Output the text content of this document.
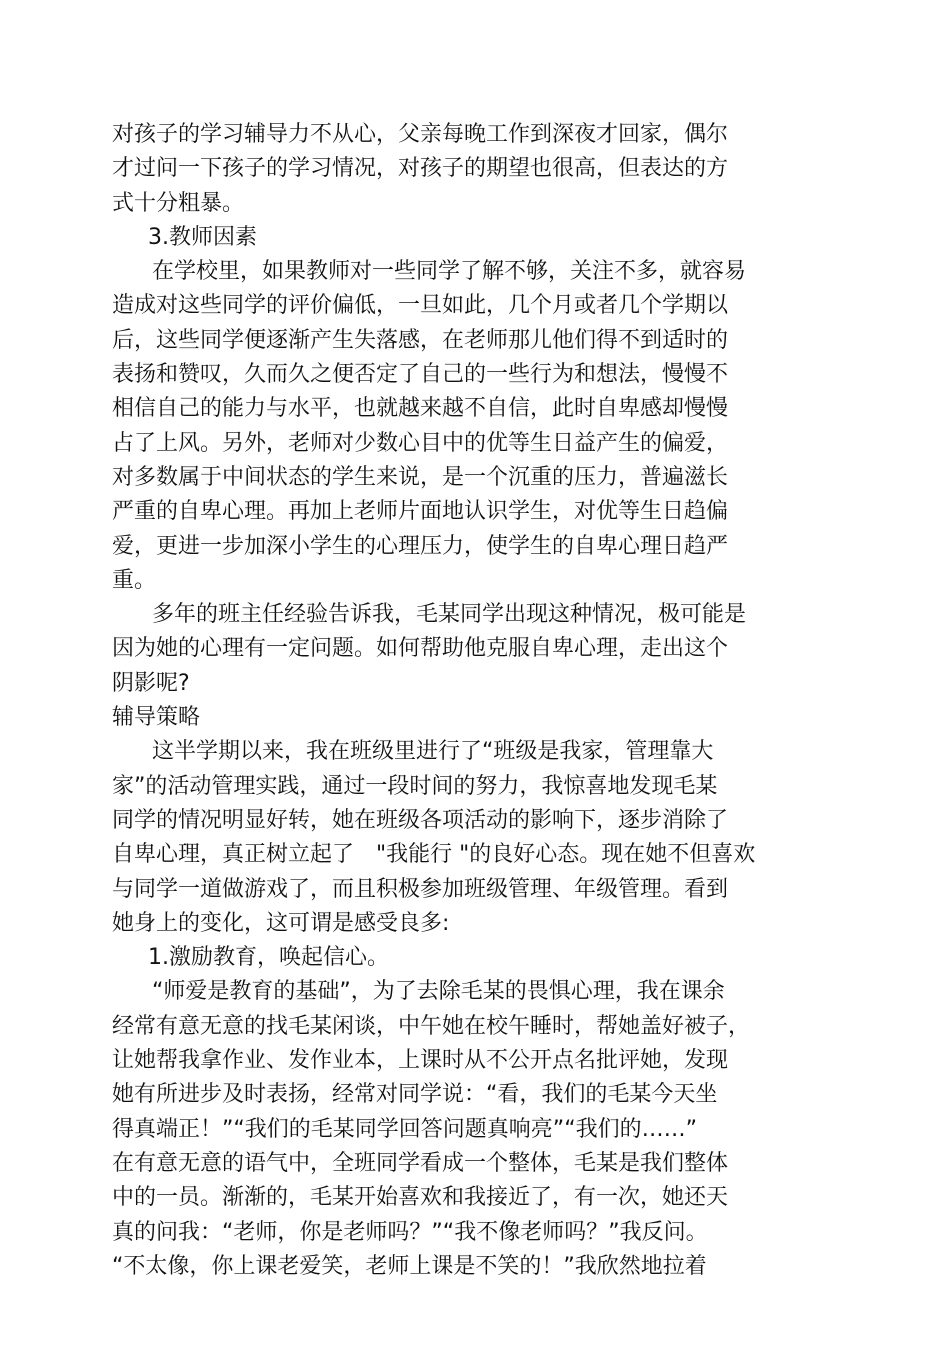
对孩子的学习辅导力不从心，父亲每晚工作到深夜才回家，偶尔
才过问一下孩子的学习情况，对孩子的期望也很高，但表达的方
式十分粗暴。
3.教师因素
在学校里，如果教师对一些同学了解不够，关注不多，就容易
造成对这些同学的评价偏低，一旦如此，几个月或者几个学期以
后，这些同学便逐渐产生失落感，在老师那儿他们得不到适时的
表扬和赞叹，久而久之便否定了自己的一些行为和想法，慢慢不
相信自己的能力与水平，也就越来越不自信，此时自卑感却慢慢
占了上风。另外，老师对少数心目中的优等生日益产生的偏爱，
对多数属于中间状态的学生来说，是一个沉重的压力，普遍滋长
严重的自卑心理。再加上老师片面地认识学生，对优等生日趋偏
爱，更进一步加深小学生的心理压力，使学生的自卑心理日趋严
重。
多年的班主任经验告诉我，毛某同学出现这种情况，极可能是
因为她的心理有一定问题。如何帮助他克服自卑心理，走出这个
阴影呢?
辅导策略
这半学期以来，我在班级里进行了“班级是我家，管理靠大
家”的活动管理实践，通过一段时间的努力，我惊喜地发现毛某
同学的情况明显好转，她在班级各项活动的影响下，逐步消除了
自卑心理，真正树立起了　"我能行 "的良好心态。现在她不但喜欢
与同学一道做游戏了，而且积极参加班级管理、年级管理。看到
她身上的变化，这可谓是感受良多:
1.激励教育，唤起信心。
“师爱是教育的基础”，为了去除毛某的畏惧心理，我在课余
经常有意无意的找毛某闲谈，中午她在校午睡时，帮她盖好被子，
让她帮我拿作业、发作业本，上课时从不公开点名批评她，发现
她有所进步及时表扬，经常对同学说：“看，我们的毛某今天坐
得真端正！”“我们的毛某同学回答问题真响亮”“我们的……”
在有意无意的语气中，全班同学看成一个整体，毛某是我们整体
中的一员。渐渐的，毛某开始喜欢和我接近了，有一次，她还天
真的问我：“老师，你是老师吗？”“我不像老师吗？”我反问。
“不太像，你上课老爱笑，老师上课是不笑的！”我欣然地拉着
